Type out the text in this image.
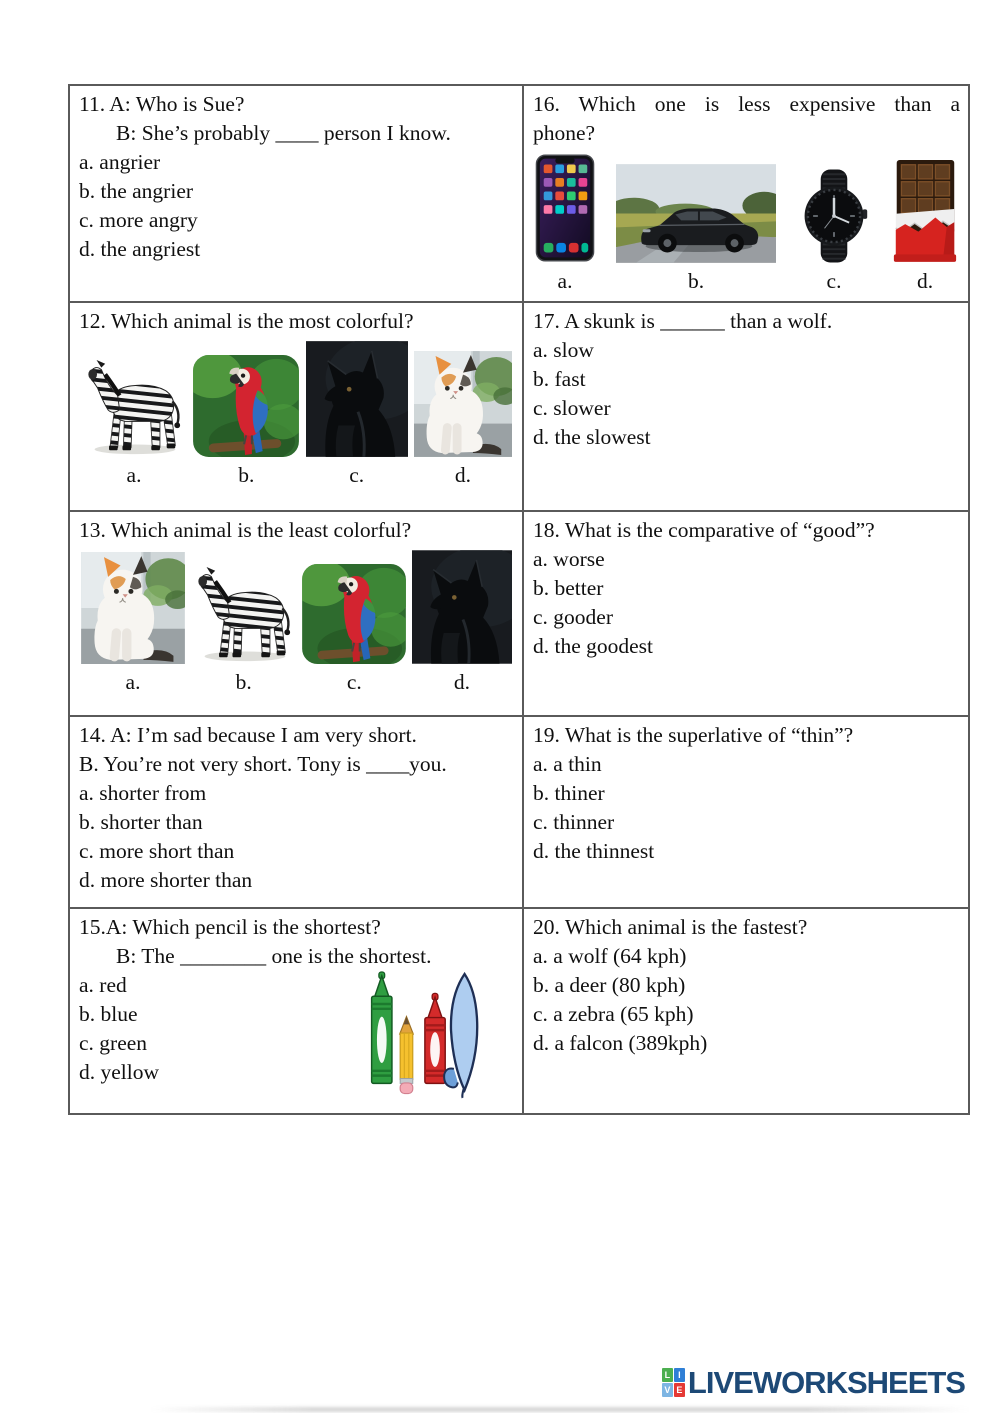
11. A: Who is Sue?
B: She’s probably ____ person I know.
a. angrier
b. the angrier
c. more angry
d. the angriest

16. Which one is less expensive than a
phone?
a.	b.	c.	d.

12. Which animal is the most colorful?
a.	b.	c.	d.

17. A skunk is ______ than a wolf.
a. slow
b. fast
c. slower
d. the slowest

13. Which animal is the least colorful?
a.	b.	c.	d.

18. What is the comparative of “good”?
a. worse
b. better
c. gooder
d. the goodest

14. A: I’m sad because I am very short.
B. You’re not very short. Tony is ____you.
a. shorter from
b. shorter than
c. more short than
d. more shorter than

19. What is the superlative of “thin”?
a. a thin
b. thiner
c. thinner
d. the thinnest

15.A: Which pencil is the shortest?
B: The ________ one is the shortest.
a. red
b. blue
c. green
d. yellow

20. Which animal is the fastest?
a. a wolf (64 kph)
b. a deer (80 kph)
c. a zebra (65 kph)
d. a falcon (389kph)
L I
V E LIVEWORKSHEETS
